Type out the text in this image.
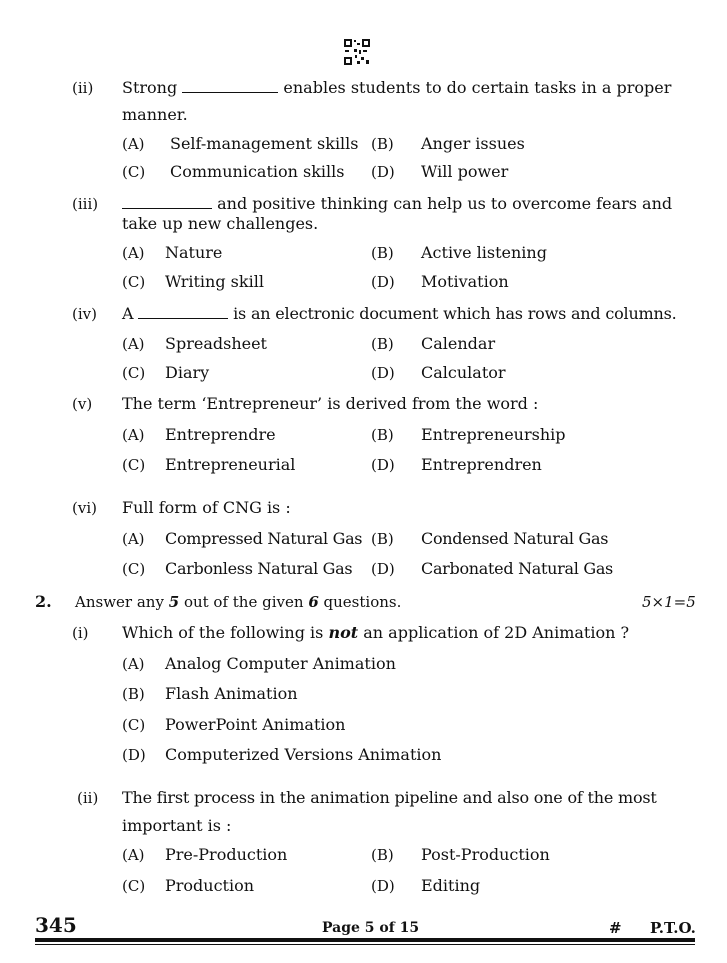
(ii) Strong	enables students to do certain tasks in a proper
manner.
(A) Self-management skills (B) Anger issues
(C) Communication skills (D) Will power
(iii)	and positive thinking can help us to overcome fears and
take up new challenges.
(A) Nature	(B) Active listening
(C) Writing skill	(D) Motivation
(iv) A	is an electronic document which has rows and columns.
(A) Spreadsheet	(B) Calendar
(C) Diary	(D) Calculator
(v) The term ‘Entrepreneur’ is derived from the word :
(A) Entreprendre	(B) Entrepreneurship
(C) Entrepreneurial	(D) Entreprendren
(vi) Full form of CNG is :
(A) Compressed Natural Gas (B) Condensed Natural Gas
(C) Carbonless Natural Gas (D) Carbonated Natural Gas
2. Answer any 5 out of the given 6 questions.	5×1=5
(i) Which of the following is not an application of 2D Animation ?
(A) Analog Computer Animation
(B) Flash Animation
(C) PowerPoint Animation
(D) Computerized Versions Animation
(ii) The first process in the animation pipeline and also one of the most
important is :
(A) Pre-Production	(B) Post-Production
(C) Production	(D) Editing
345	Page 5 of 15	# P.T.O.
